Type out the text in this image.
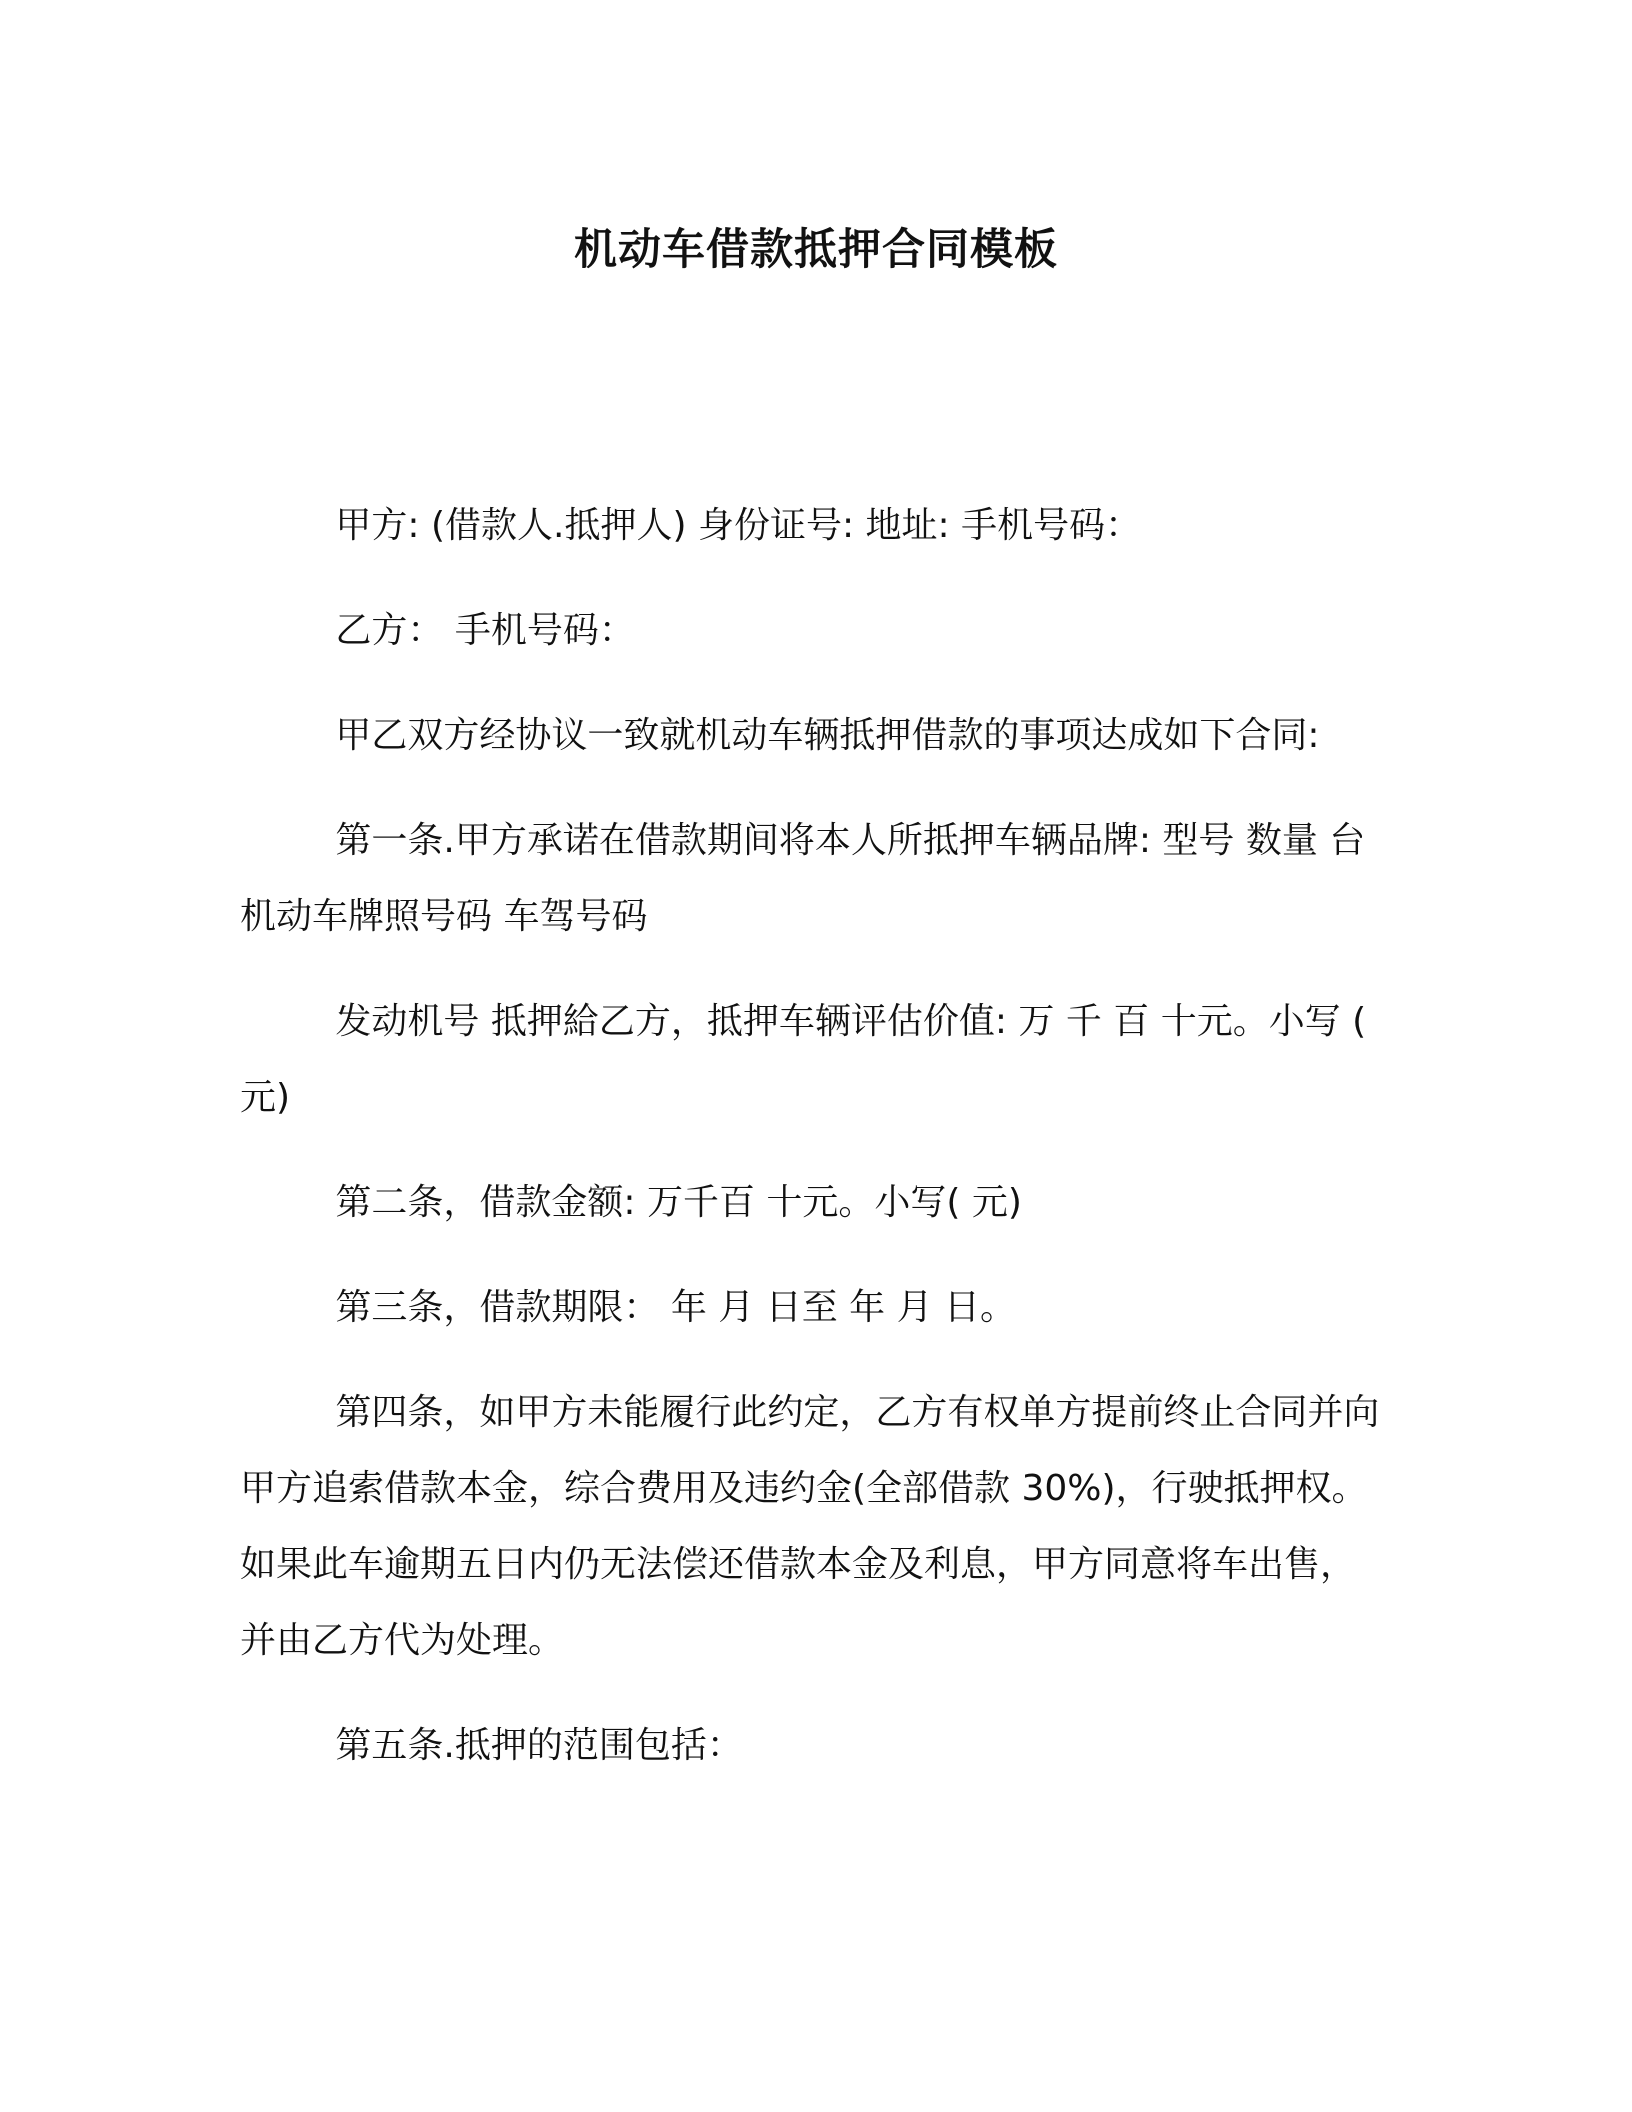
机动车借款抵押合同模板

甲方: (借款人.抵押人) 身份证号: 地址: 手机号码：

乙方： 手机号码：

甲乙双方经协议一致就机动车辆抵押借款的事项达成如下合同:

第一条.甲方承诺在借款期间将本人所抵押车辆品牌: 型号 数量 台 机动车牌照号码 车驾号码

发动机号 抵押給乙方，抵押车辆评估价值: 万 千 百 十元。小写 ( 元)

第二条，借款金额: 万千百 十元。小写( 元)

第三条，借款期限： 年 月 日至 年 月 日。

第四条，如甲方未能履行此约定，乙方有权单方提前终止合同并向甲方追索借款本金，综合费用及违约金(全部借款 30%)，行驶抵押权。如果此车逾期五日内仍无法偿还借款本金及利息，甲方同意将车出售，并由乙方代为处理。

第五条.抵押的范围包括：
